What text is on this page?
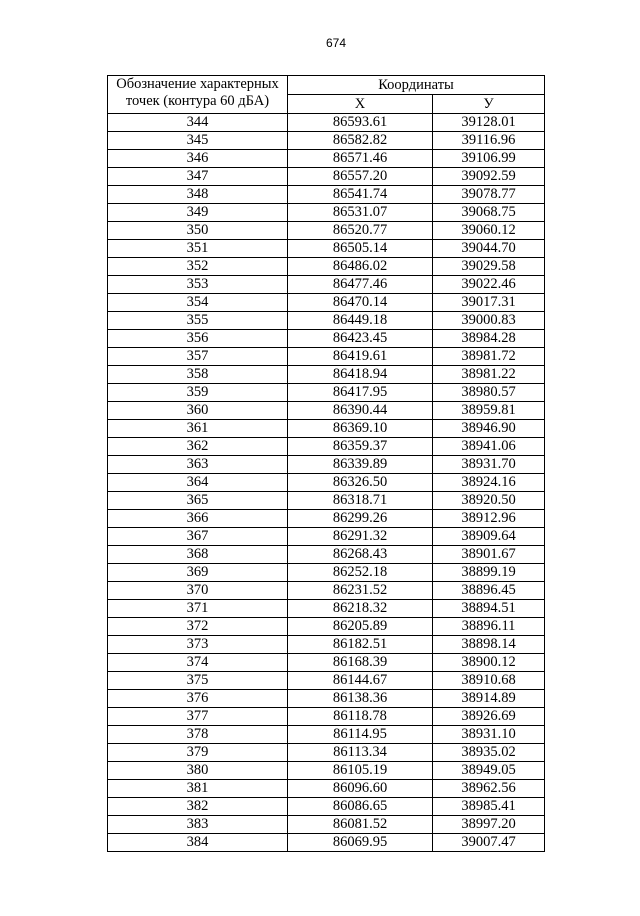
674
Обозначение характерных
точек (контура 60 дБА)	Координаты	
	X	У
344	86593.61	39128.01
345	86582.82	39116.96
346	86571.46	39106.99
347	86557.20	39092.59
348	86541.74	39078.77
349	86531.07	39068.75
350	86520.77	39060.12
351	86505.14	39044.70
352	86486.02	39029.58
353	86477.46	39022.46
354	86470.14	39017.31
355	86449.18	39000.83
356	86423.45	38984.28
357	86419.61	38981.72
358	86418.94	38981.22
359	86417.95	38980.57
360	86390.44	38959.81
361	86369.10	38946.90
362	86359.37	38941.06
363	86339.89	38931.70
364	86326.50	38924.16
365	86318.71	38920.50
366	86299.26	38912.96
367	86291.32	38909.64
368	86268.43	38901.67
369	86252.18	38899.19
370	86231.52	38896.45
371	86218.32	38894.51
372	86205.89	38896.11
373	86182.51	38898.14
374	86168.39	38900.12
375	86144.67	38910.68
376	86138.36	38914.89
377	86118.78	38926.69
378	86114.95	38931.10
379	86113.34	38935.02
380	86105.19	38949.05
381	86096.60	38962.56
382	86086.65	38985.41
383	86081.52	38997.20
384	86069.95	39007.47
